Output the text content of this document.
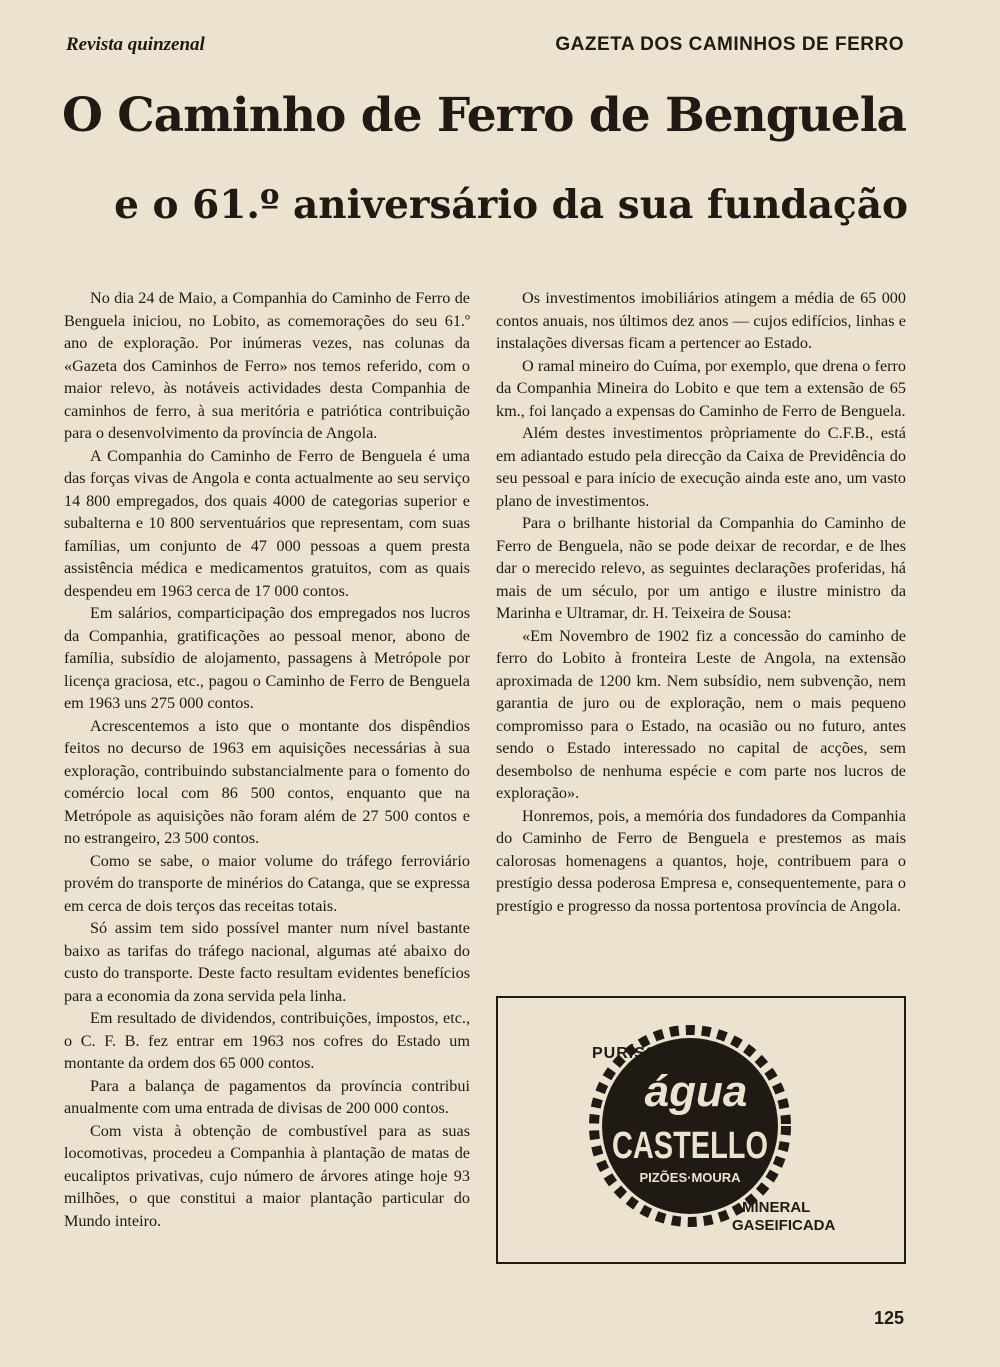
Revista quinzenal	GAZETA DOS CAMINHOS DE FERRO
O Caminho de Ferro de Benguela
e o 61.º aniversário da sua fundação

No dia 24 de Maio, a Companhia do Caminho de Ferro de Benguela iniciou, no Lobito, as comemorações do seu 61.º ano de exploração. Por inúmeras vezes, nas colunas da «Gazeta dos Caminhos de Ferro» nos temos referido, com o maior relevo, às notáveis actividades desta Companhia de caminhos de ferro, à sua meritória e patriótica contribuição para o desenvolvimento da província de Angola.

A Companhia do Caminho de Ferro de Benguela é uma das forças vivas de Angola e conta actualmente ao seu serviço 14 800 empregados, dos quais 4000 de categorias superior e subalterna e 10 800 serventuários que representam, com suas famílias, um conjunto de 47 000 pessoas a quem presta assistência médica e medicamentos gratuitos, com as quais despendeu em 1963 cerca de 17 000 contos.

Em salários, comparticipação dos empregados nos lucros da Companhia, gratificações ao pessoal menor, abono de família, subsídio de alojamento, passagens à Metrópole por licença graciosa, etc., pagou o Caminho de Ferro de Benguela em 1963 uns 275 000 contos.

Acrescentemos a isto que o montante dos dispêndios feitos no decurso de 1963 em aquisições necessárias à sua exploração, contribuindo substancialmente para o fomento do comércio local com 86 500 contos, enquanto que na Metrópole as aquisições não foram além de 27 500 contos e no estrangeiro, 23 500 contos.

Como se sabe, o maior volume do tráfego ferroviário provém do transporte de minérios do Catanga, que se expressa em cerca de dois terços das receitas totais.

Só assim tem sido possível manter num nível bastante baixo as tarifas do tráfego nacional, algumas até abaixo do custo do transporte. Deste facto resultam evidentes benefícios para a economia da zona servida pela linha.

Em resultado de dividendos, contribuições, impostos, etc., o C. F. B. fez entrar em 1963 nos cofres do Estado um montante da ordem dos 65 000 contos.

Para a balança de pagamentos da província contribui anualmente com uma entrada de divisas de 200 000 contos.

Com vista à obtenção de combustível para as suas locomotivas, procedeu a Companhia à plantação de matas de eucaliptos privativas, cujo número de árvores atinge hoje 93 milhões, o que constitui a maior plantação particular do Mundo inteiro.

Os investimentos imobiliários atingem a média de 65 000 contos anuais, nos últimos dez anos — cujos edifícios, linhas e instalações diversas ficam a pertencer ao Estado.

O ramal mineiro do Cuíma, por exemplo, que drena o ferro da Companhia Mineira do Lobito e que tem a extensão de 65 km., foi lançado a expensas do Caminho de Ferro de Benguela.

Além destes investimentos pròpriamente do C.F.B., está em adiantado estudo pela direcção da Caixa de Previdência do seu pessoal e para início de execução ainda este ano, um vasto plano de investimentos.

Para o brilhante historial da Companhia do Caminho de Ferro de Benguela, não se pode deixar de recordar, e de lhes dar o merecido relevo, as seguintes declarações proferidas, há mais de um século, por um antigo e ilustre ministro da Marinha e Ultramar, dr. H. Teixeira de Sousa:

«Em Novembro de 1902 fiz a concessão do caminho de ferro do Lobito à fronteira Leste de Angola, na extensão aproximada de 1200 km. Nem subsídio, nem subvenção, nem garantia de juro ou de exploração, nem o mais pequeno compromisso para o Estado, na ocasião ou no futuro, antes sendo o Estado interessado no capital de acções, sem desembolso de nenhuma espécie e com parte nos lucros de exploração».

Honremos, pois, a memória dos fundadores da Companhia do Caminho de Ferro de Benguela e prestemos as mais calorosas homenagens a quantos, hoje, contribuem para o prestígio dessa poderosa Empresa e, consequentemente, para o prestígio e progresso da nossa portentosa província de Angola.

PURÍSSIMA
água
CASTELLO
PIZÕES·MOURA
MINERAL
GASEIFICADA
125
